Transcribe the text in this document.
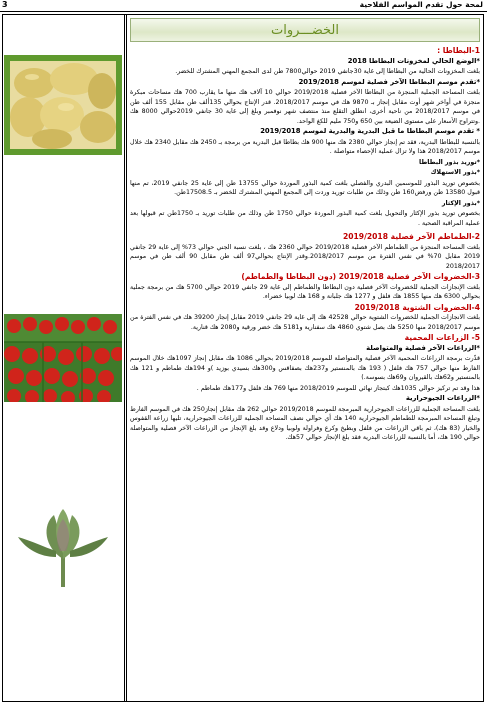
3	لمحة حول تقدم المواسم الفلاحية
الخضـــروات

1-البطاطا :

*الوضع الحالي لمخزونات البطاطا 2018

بلغت المخزونات الحالية من البطاطا إلى غاية 30جانفي 2019 حوالي7800 طن لدى المجمع المهني المشترك للخضر.

*تقدم موسم البطاطا الآخر فصلية لموسم 2019/2018

بلغت المساحة الجملية المنجزة من البطاطا الآخر فصلية 2019/2018 حوالي 10 آلاف هك منها ما يقارب 700 هك مساحات مبكرة منجزة في أواخر شهر أوت مقابل إنجاز بـ 9870 هك في موسم 2018/2017. قدر الإنتاج بحوالي 135ألف طن مقابل 155 ألف طن في موسم 2018/2017 من ناحية أخرى، انطلق التقلع منذ منتصف شهر نوفمبر وبلغ إلى غاية 30 جانفي 2019حوالي 8000 هك .وتتراوح الأسعار على مستوى الضيعة بين 650 و750 مليم للكغ الواحد.

* تقدم موسم البطاطا ما قبل البدرية والبدرية لموسم 2019/2018

بالنسبة للبطاطا البدرية، فقد تم إنجاز حوالي 2380 هك منها 900 هك بطاطا قبل البدرية من برمجة بـ 2450 هك مقابل 2340 هك خلال موسم 2018/2017 هذا ولا تزال عملية الإحصاء متواصلة .

*توريد بذور البطاطا

*بذور الاستهلاك

بخصوص توريد البذور للموسمين البدري والفصلي بلغت كمية البذور الموردة حوالي 13755 طن إلى غاية 25 جانفي 2019، تم منها قبول 13580 طن ورفض160 طن وذلك من طلبات توريد وردت إلى المجمع المهني المشترك للخضر بـ 17508.5طن.

*بذور الإكثار

بخصوص توريد بذور الإكثار والتحويل بلغت كمية البذور الموردة حوالي 1750 طن وذلك من طلبات توريد بـ 1750طن تم قبولها بعد عملية المراقبة الصحية .

2-الطماطم الآخر فصلية 2019/2018

بلغت المساحة المنجزة من الطماطم الآخر فصلية 2019/2018 حوالي 2360 هك ، بلغت نسبة الجني حوالي 73% إلى غاية 29 جانفي 2019 مقابل 70% في نفس الفترة من موسم 2018/2017.وقدر الإنتاج بحوالي97 ألف طن مقابل 90 ألف طن في موسم 2018/2017

3-الخضروات الآخر فصلية 2019/2018 (دون البطاطا والطماطم)

بلغت الإنجازات الجملية للخضروات الآخر فصلية دون البطاطا والطماطم إلى غاية 29 جانفي 2019 حوالي 5700 هك من برمجة جملية بحوالي 6300 هك منها 1855 هك فلفل و 1277 هك جلبانة و 168 هك لوبيا خضراء.

4-الخضروات الشتوية 2019/2018

بلغت الانجازات الجملية للخضروات الشتوية حوالي 42528 هك إلى غاية 29 جانفي 2019 مقابل إنجاز 39200 هك في نفس الفترة من موسم 2018/2017 منها 5250 هك بصل شتوي 4860 هك سفنارية و5181 هك خضر ورقية و2080 هك قنارية.

5- الزراعات المحمية

*الزراعات الآخر فصلية والمتواصلة

قدّرت برمجة الزراعات المحمية الآخر فصلية والمتواصلة للموسم 2019/2018 بحوالي 1086 هك مقابل إنجاز 1097هك خلال الموسم الفارط منها حوالي 757 هك فلفل ( 193 هك بالمنستير و237هك بصفاقس و300هك بسيدي بوزيد )و 194هك طماطم و 121 هك بالمنستير و62هك بالقيروان و69هك بسوسة.)

هذا وقد تم تركيز حوالي 1035هك كبتجاز نهائي للموسم 2018/2019 منها 769 هك فلفل و177هك طماطم .

*الزراعات الجيوحرارية

بلغت المساحة الجملية للزراعات الجيوحرارية المبرمجة للموسم 2019/2018 حوالي 262 هك مقابل إنجاز250 هك في الموسم الفارط وتبلغ المساحة المبرمجة للطماطم الجيوحرارية 140 هك أي حوالي نصف المساحة الجملية للزراعات الجيوحرارية، تليها زراعة القفوس والخيار (83 هك)، ثم باقي الزراعات من فلفل وبطيخ وكرع وفراولة ولوبيا ودلاع وقد بلغ الإنجاز من الزراعات الآخر فصلية والمتواصلة حوالي 190 هك، أما بالنسبة للزراعات البدرية فقد بلغ الإنجاز حوالي 57هك.
